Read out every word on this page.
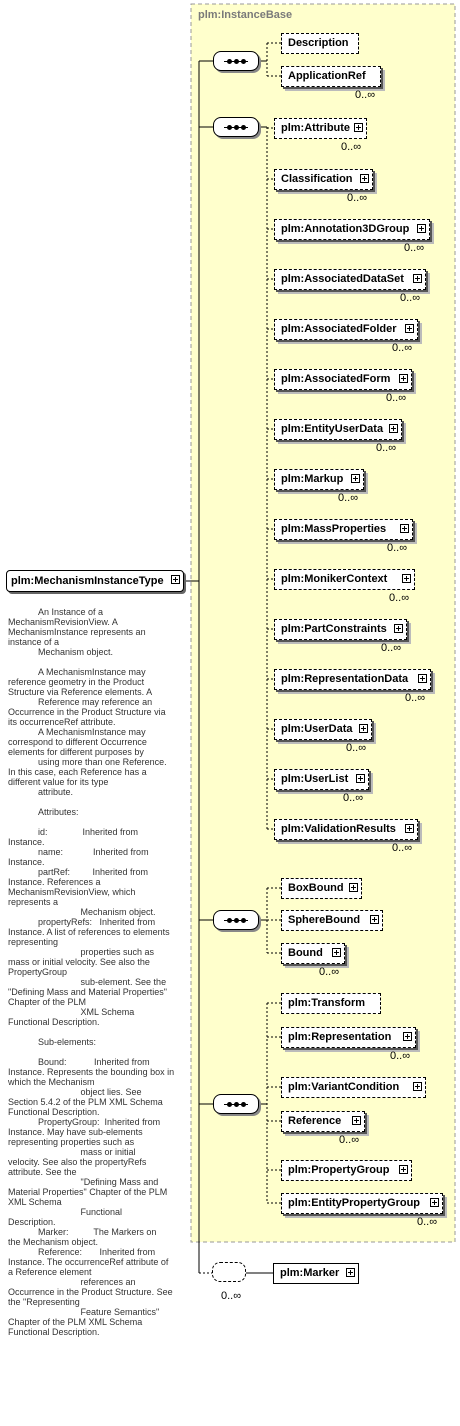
plm:InstanceBase
plm:MechanismInstanceType
An Instance of a
MechanismRevisionView. A
MechanismInstance represents an
instance of a
Mechanism object.

A MechanismInstance may
reference geometry in the Product
Structure via Reference elements. A
Reference may reference an
Occurrence in the Product Structure via
its occurrenceRef attribute.
A MechanismInstance may
correspond to different Occurrence
elements for different purposes by
using more than one Reference.
In this case, each Reference has a
different value for its type
attribute.

Attributes:

id:              Inherited from
Instance.
name:            Inherited from
Instance.
partRef:         Inherited from
Instance. References a
MechanismRevisionView, which
represents a
Mechanism object.
propertyRefs:   Inherited from
Instance. A list of references to elements
representing
properties such as
mass or initial velocity. See also the
PropertyGroup
sub-element. See the
"Defining Mass and Material Properties"
Chapter of the PLM
XML Schema
Functional Description.

Sub-elements:

Bound:           Inherited from
Instance. Represents the bounding box in
which the Mechanism
object lies. See
Section 5.4.2 of the PLM XML Schema
Functional Description.
PropertyGroup:  Inherited from
Instance. May have sub-elements
representing properties such as
mass or initial
velocity. See also the propertyRefs
attribute. See the
"Defining Mass and
Material Properties" Chapter of the PLM
XML Schema
Functional
Description.
Marker:          The Markers on
the Mechanism object.
Reference:       Inherited from
Instance. The occurrenceRef attribute of
a Reference element
references an
Occurrence in the Product Structure. See
the "Representing
Feature Semantics"
Chapter of the PLM XML Schema
Functional Description.
0..∞
Description
ApplicationRef
0..∞
plm:Attribute
0..∞
Classification
0..∞
plm:Annotation3DGroup
0..∞
plm:AssociatedDataSet
0..∞
plm:AssociatedFolder
0..∞
plm:AssociatedForm
0..∞
plm:EntityUserData
0..∞
plm:Markup
0..∞
plm:MassProperties
0..∞
plm:MonikerContext
0..∞
plm:PartConstraints
0..∞
plm:RepresentationData
0..∞
plm:UserData
0..∞
plm:UserList
0..∞
plm:ValidationResults
0..∞
BoxBound
SphereBound
Bound
0..∞
plm:Transform
plm:Representation
0..∞
plm:VariantCondition
Reference
0..∞
plm:PropertyGroup
plm:EntityPropertyGroup
0..∞
plm:Marker
